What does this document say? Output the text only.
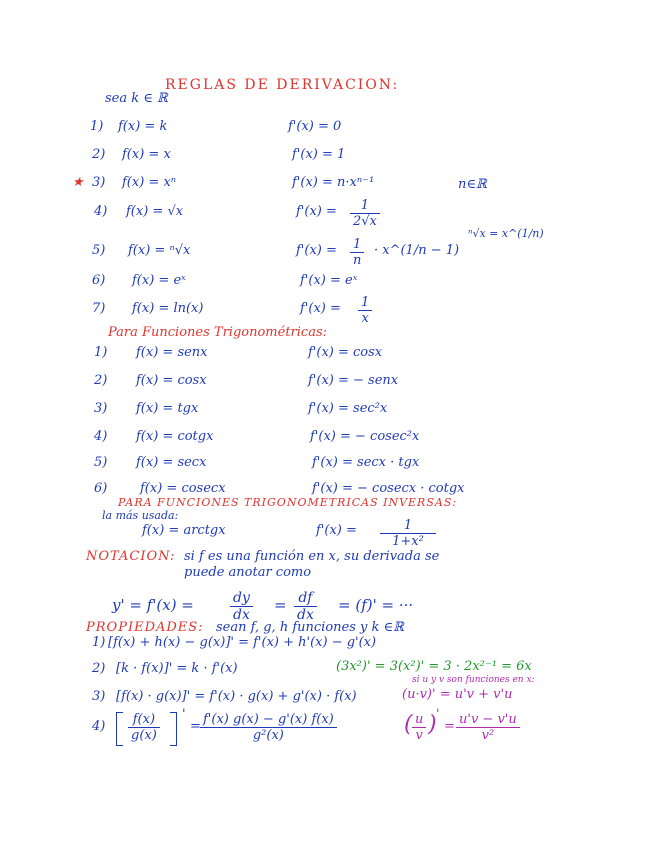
REGLAS DE DERIVACION:
sea k ∈ ℝ
★
1) f(x) = k	f'(x) = 0
2) f(x) = x	f'(x) = 1
3) f(x) = xⁿ	f'(x) = n·xⁿ⁻¹	n∈ℝ
4) f(x) = √x	f'(x) = 1
2√x
ⁿ√x = x^(1/n)
5) f(x) = ⁿ√x	f'(x) = 1
n
· x^(1/n − 1)
6) f(x) = eˣ	f'(x) = eˣ
7) f(x) = ln(x)	f'(x) = 1
x
Para Funciones Trigonométricas:
1) f(x) = senx	f'(x) = cosx
2) f(x) = cosx	f'(x) = − senx
3) f(x) = tgx	f'(x) = sec²x
4) f(x) = cotgx	f'(x) = − cosec²x
5) f(x) = secx	f'(x) = secx · tgx
6)	f(x) = cosecx	f'(x) = − cosecx · cotgx
PARA FUNCIONES TRIGONOMETRICAS INVERSAS:
la más usada:
f(x) = arctgx	f'(x) =	1
1+x²
NOTACION: si f es una función en x, su derivada se
puede anotar como
y' = f'(x) =	dy
dx
= df
dx
= (f)' = ···
PROPIEDADES: sean f, g, h funciones y k ∈ℝ
1) [f(x) + h(x) − g(x)]' = f'(x) + h'(x) − g'(x)
2) [k · f(x)]' = k · f'(x)	(3x²)' = 3(x²)' = 3 · 2x²⁻¹ = 6x
si u y v son funciones en x:
3) [f(x) · g(x)]' = f'(x) · g(x) + g'(x) · f(x)	(u·v)' = u'v + v'u
4) f(x)
g(x)
'
= f'(x) g(x) − g'(x) f(x)
g²(x)	( u
v ) '
= u'v − v'u
v²
